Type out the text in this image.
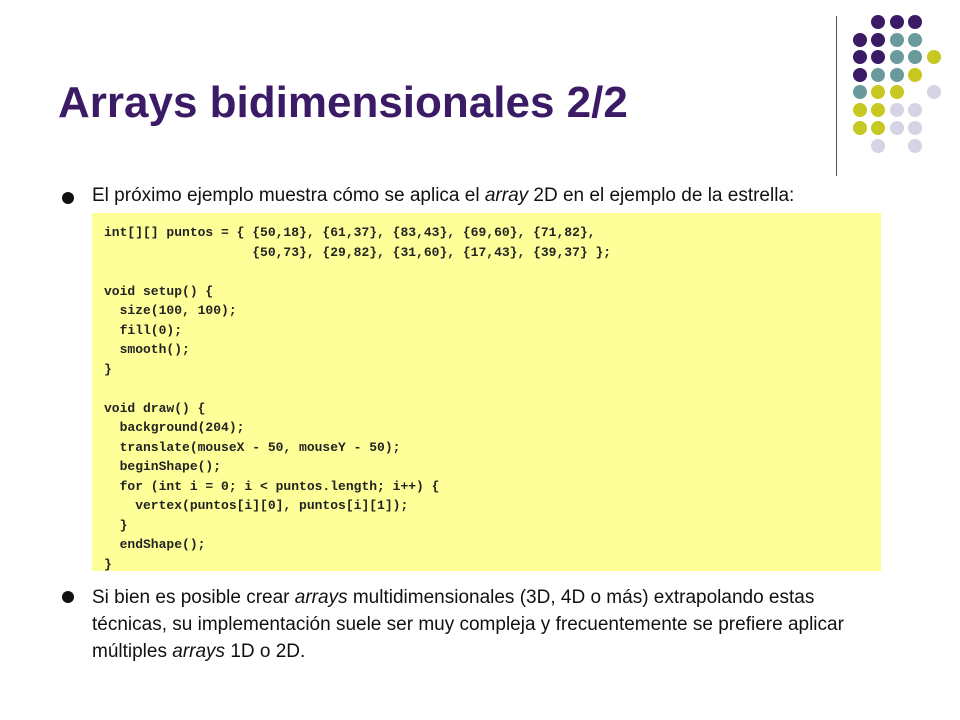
Arrays bidimensionales 2/2
El próximo ejemplo muestra cómo se aplica el array 2D en el ejemplo de la estrella:
int[][] puntos = { {50,18}, {61,37}, {83,43}, {69,60}, {71,82},
{50,73}, {29,82}, {31,60}, {17,43}, {39,37} };
void setup() {
size(100, 100);
fill(0);
smooth();
}
void draw() {
background(204);
translate(mouseX - 50, mouseY - 50);
beginShape();
for (int i = 0; i < puntos.length; i++) {
vertex(puntos[i][0], puntos[i][1]);
}
endShape();
}
Si bien es posible crear arrays multidimensionales (3D, 4D o más) extrapolando estas técnicas, su implementación suele ser muy compleja y frecuentemente se prefiere aplicar múltiples arrays 1D o 2D.
